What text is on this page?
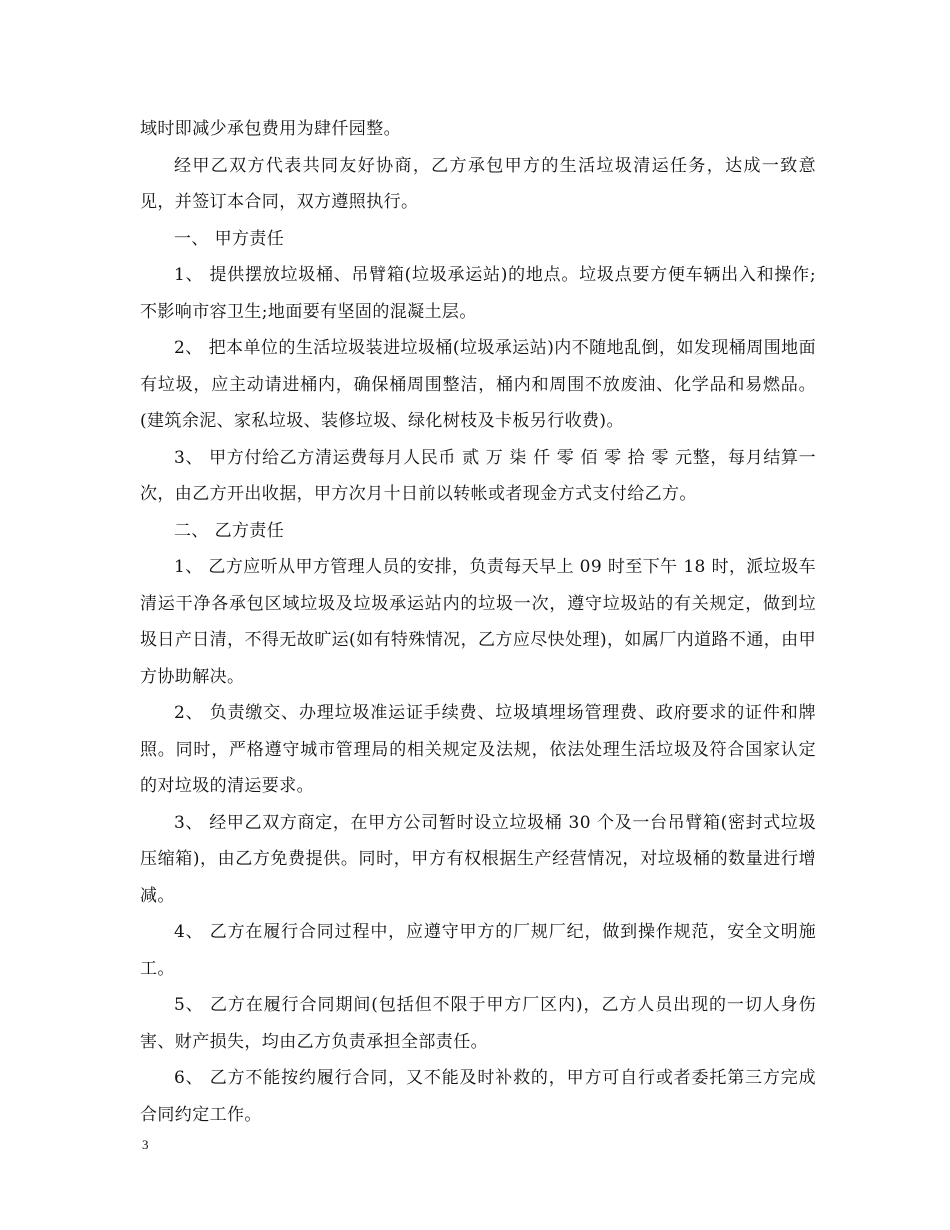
域时即减少承包费用为肆仟园整。

经甲乙双方代表共同友好协商，乙方承包甲方的生活垃圾清运任务，达成一致意见，并签订本合同，双方遵照执行。

一、 甲方责任

1、 提供摆放垃圾桶、吊臂箱(垃圾承运站)的地点。垃圾点要方便车辆出入和操作;不影响市容卫生;地面要有坚固的混凝土层。

2、 把本单位的生活垃圾装进垃圾桶(垃圾承运站)内不随地乱倒，如发现桶周围地面有垃圾，应主动请进桶内，确保桶周围整洁，桶内和周围不放废油、化学品和易燃品。(建筑余泥、家私垃圾、装修垃圾、绿化树枝及卡板另行收费)。

3、 甲方付给乙方清运费每月人民币 贰 万 柒 仟 零 佰 零 拾 零 元整，每月结算一次，由乙方开出收据，甲方次月十日前以转帐或者现金方式支付给乙方。

二、 乙方责任

1、 乙方应听从甲方管理人员的安排，负责每天早上 09 时至下午 18 时，派垃圾车清运干净各承包区域垃圾及垃圾承运站内的垃圾一次，遵守垃圾站的有关规定，做到垃圾日产日清，不得无故旷运(如有特殊情况，乙方应尽快处理)，如属厂内道路不通，由甲方协助解决。

2、 负责缴交、办理垃圾准运证手续费、垃圾填埋场管理费、政府要求的证件和牌照。同时，严格遵守城市管理局的相关规定及法规，依法处理生活垃圾及符合国家认定的对垃圾的清运要求。

3、 经甲乙双方商定，在甲方公司暂时设立垃圾桶 30 个及一台吊臂箱(密封式垃圾压缩箱)，由乙方免费提供。同时，甲方有权根据生产经营情况，对垃圾桶的数量进行增减。

4、 乙方在履行合同过程中，应遵守甲方的厂规厂纪，做到操作规范，安全文明施工。

5、 乙方在履行合同期间(包括但不限于甲方厂区内)，乙方人员出现的一切人身伤害、财产损失，均由乙方负责承担全部责任。

6、 乙方不能按约履行合同，又不能及时补救的，甲方可自行或者委托第三方完成合同约定工作。

3
